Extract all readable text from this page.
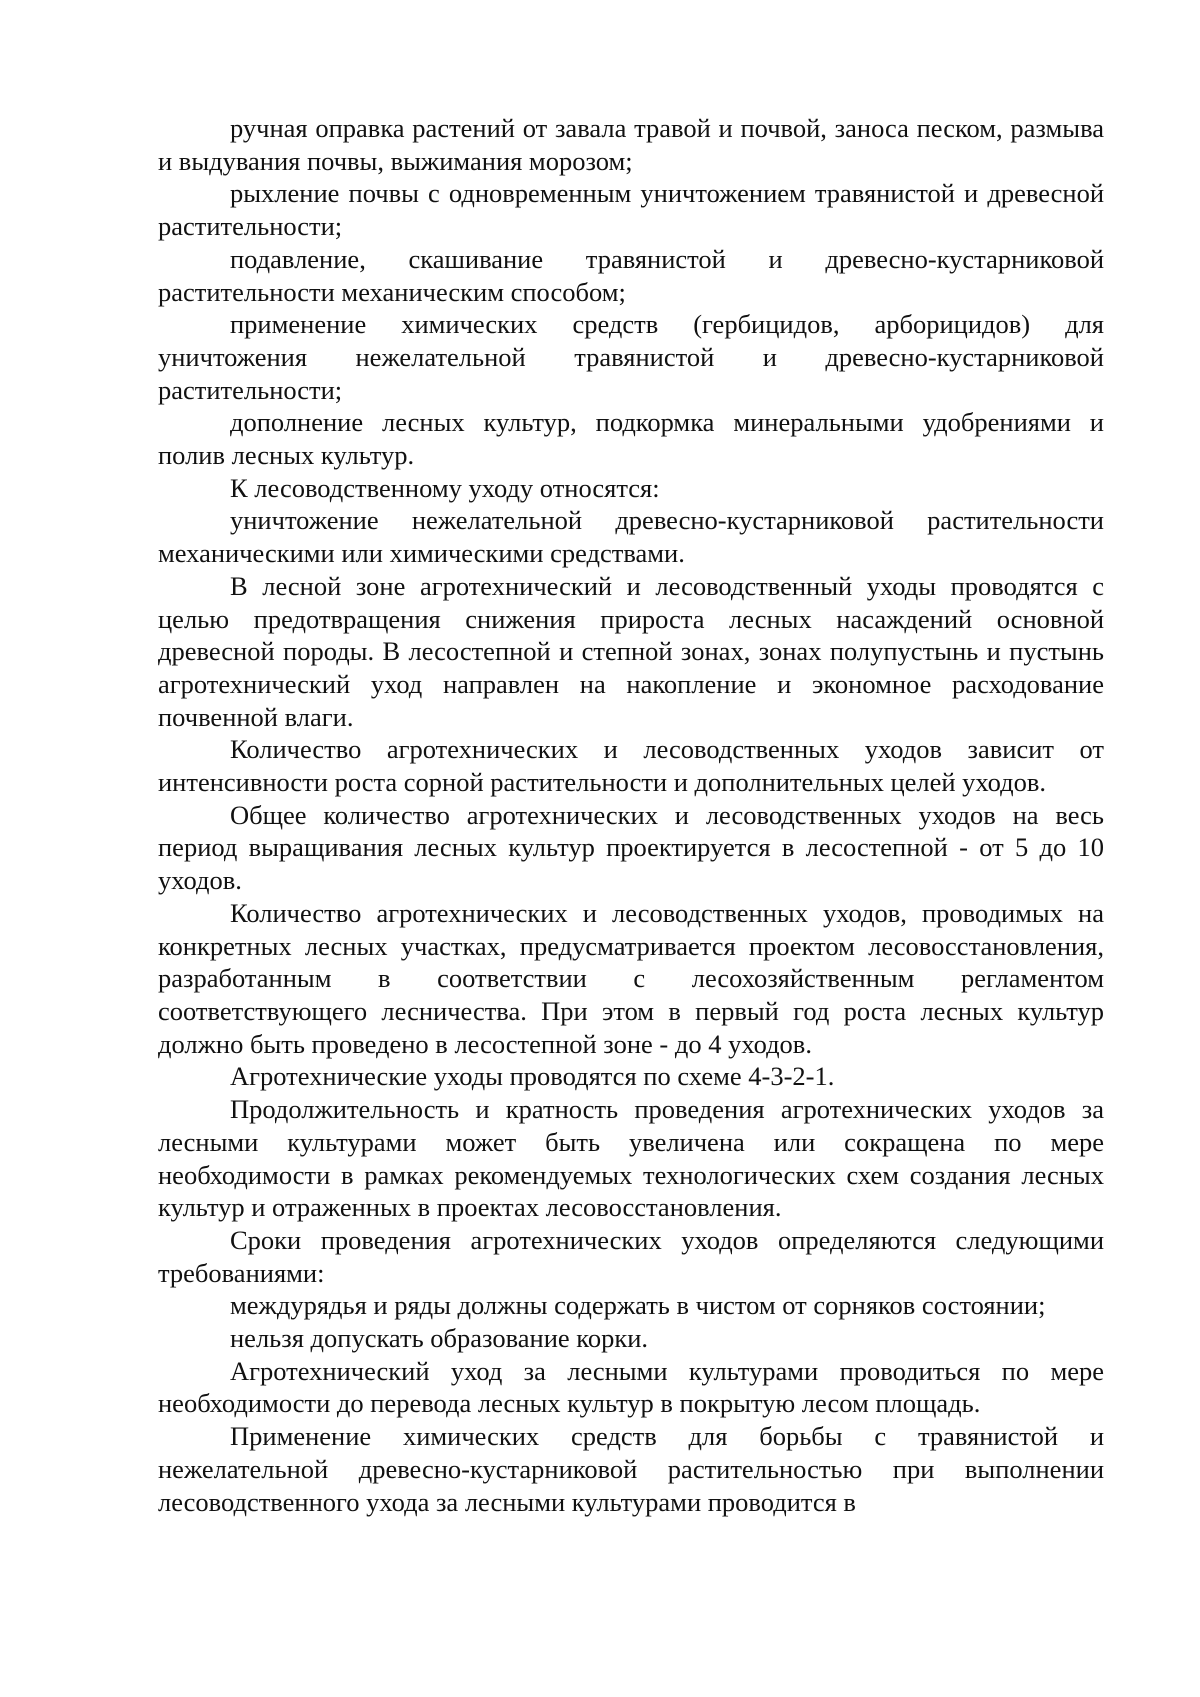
ручная оправка растений от завала травой и почвой, заноса песком, размыва и выдувания почвы, выжимания морозом;

рыхление почвы с одновременным уничтожением травянистой и древесной растительности;

подавление, скашивание травянистой и древесно-кустарниковой растительности механическим способом;

применение химических средств (гербицидов, арборицидов) для уничтожения нежелательной травянистой и древесно-кустарниковой растительности;

дополнение лесных культур, подкормка минеральными удобрениями и полив лесных культур.

К лесоводственному уходу относятся:

уничтожение нежелательной древесно-кустарниковой растительности механическими или химическими средствами.

В лесной зоне агротехнический и лесоводственный уходы проводятся с целью предотвращения снижения прироста лесных насаждений основной древесной породы. В лесостепной и степной зонах, зонах полупустынь и пустынь агротехнический уход направлен на накопление и экономное расходование почвенной влаги.

Количество агротехнических и лесоводственных уходов зависит от интенсивности роста сорной растительности и дополнительных целей уходов.

Общее количество агротехнических и лесоводственных уходов на весь период выращивания лесных культур проектируется в лесостепной - от 5 до 10 уходов.

Количество агротехнических и лесоводственных уходов, проводимых на конкретных лесных участках, предусматривается проектом лесовосстановления, разработанным в соответствии с лесохозяйственным регламентом соответствующего лесничества. При этом в первый год роста лесных культур должно быть проведено в лесостепной зоне - до 4 уходов.

Агротехнические уходы проводятся по схеме 4-3-2-1.

Продолжительность и кратность проведения агротехнических уходов за лесными культурами может быть увеличена или сокращена по мере необходимости в рамках рекомендуемых технологических схем создания лесных культур и отраженных в проектах лесовосстановления.

Сроки проведения агротехнических уходов определяются следующими требованиями:

междурядья и ряды должны содержать в чистом от сорняков состоянии;

нельзя допускать образование корки.

Агротехнический уход за лесными культурами проводиться по мере необходимости до перевода лесных культур в покрытую лесом площадь.

Применение химических средств для борьбы с травянистой и нежелательной древесно-кустарниковой растительностью при выполнении лесоводственного ухода за лесными культурами проводится в
